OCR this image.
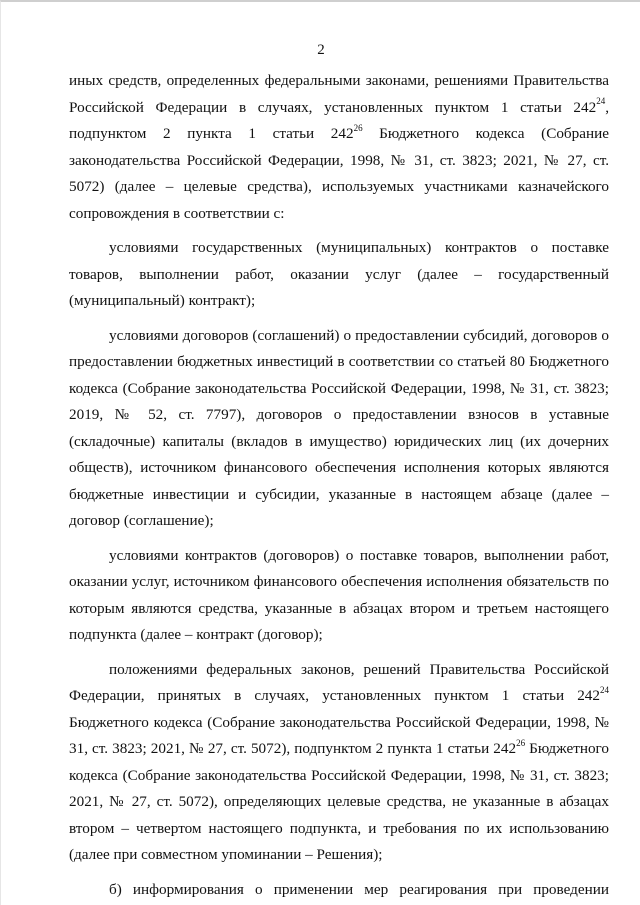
2

иных средств, определенных федеральными законами, решениями Правительства Российской Федерации в случаях, установленных пунктом 1 статьи $242^{24}$, подпунктом 2 пункта 1 статьи $242^{26}$ Бюджетного кодекса (Собрание законодательства Российской Федерации, 1998, № 31, ст. 3823; 2021, № 27, ст. 5072) (далее – целевые средства), используемых участниками казначейского сопровождения в соответствии с:

условиями государственных (муниципальных) контрактов о поставке товаров, выполнении работ, оказании услуг (далее – государственный (муниципальный) контракт);

условиями договоров (соглашений) о предоставлении субсидий, договоров о предоставлении бюджетных инвестиций в соответствии со статьей 80 Бюджетного кодекса (Собрание законодательства Российской Федерации, 1998, № 31, ст. 3823; 2019, № 52, ст. 7797), договоров о предоставлении взносов в уставные (складочные) капиталы (вкладов в имущество) юридических лиц (их дочерних обществ), источником финансового обеспечения исполнения которых являются бюджетные инвестиции и субсидии, указанные в настоящем абзаце (далее – договор (соглашение);

условиями контрактов (договоров) о поставке товаров, выполнении работ, оказании услуг, источником финансового обеспечения исполнения обязательств по которым являются средства, указанные в абзацах втором и третьем настоящего подпункта (далее – контракт (договор);

положениями федеральных законов, решений Правительства Российской Федерации, принятых в случаях, установленных пунктом 1 статьи $242^{24}$ Бюджетного кодекса (Собрание законодательства Российской Федерации, 1998, № 31, ст. 3823; 2021, № 27, ст. 5072), подпунктом 2 пункта 1 статьи $242^{26}$ Бюджетного кодекса (Собрание законодательства Российской Федерации, 1998, № 31, ст. 3823; 2021, № 27, ст. 5072), определяющих целевые средства, не указанные в абзацах втором – четвертом настоящего подпункта, и требования по их использованию (далее при совместном упоминании – Решения);

б) информирования о применении мер реагирования при проведении
